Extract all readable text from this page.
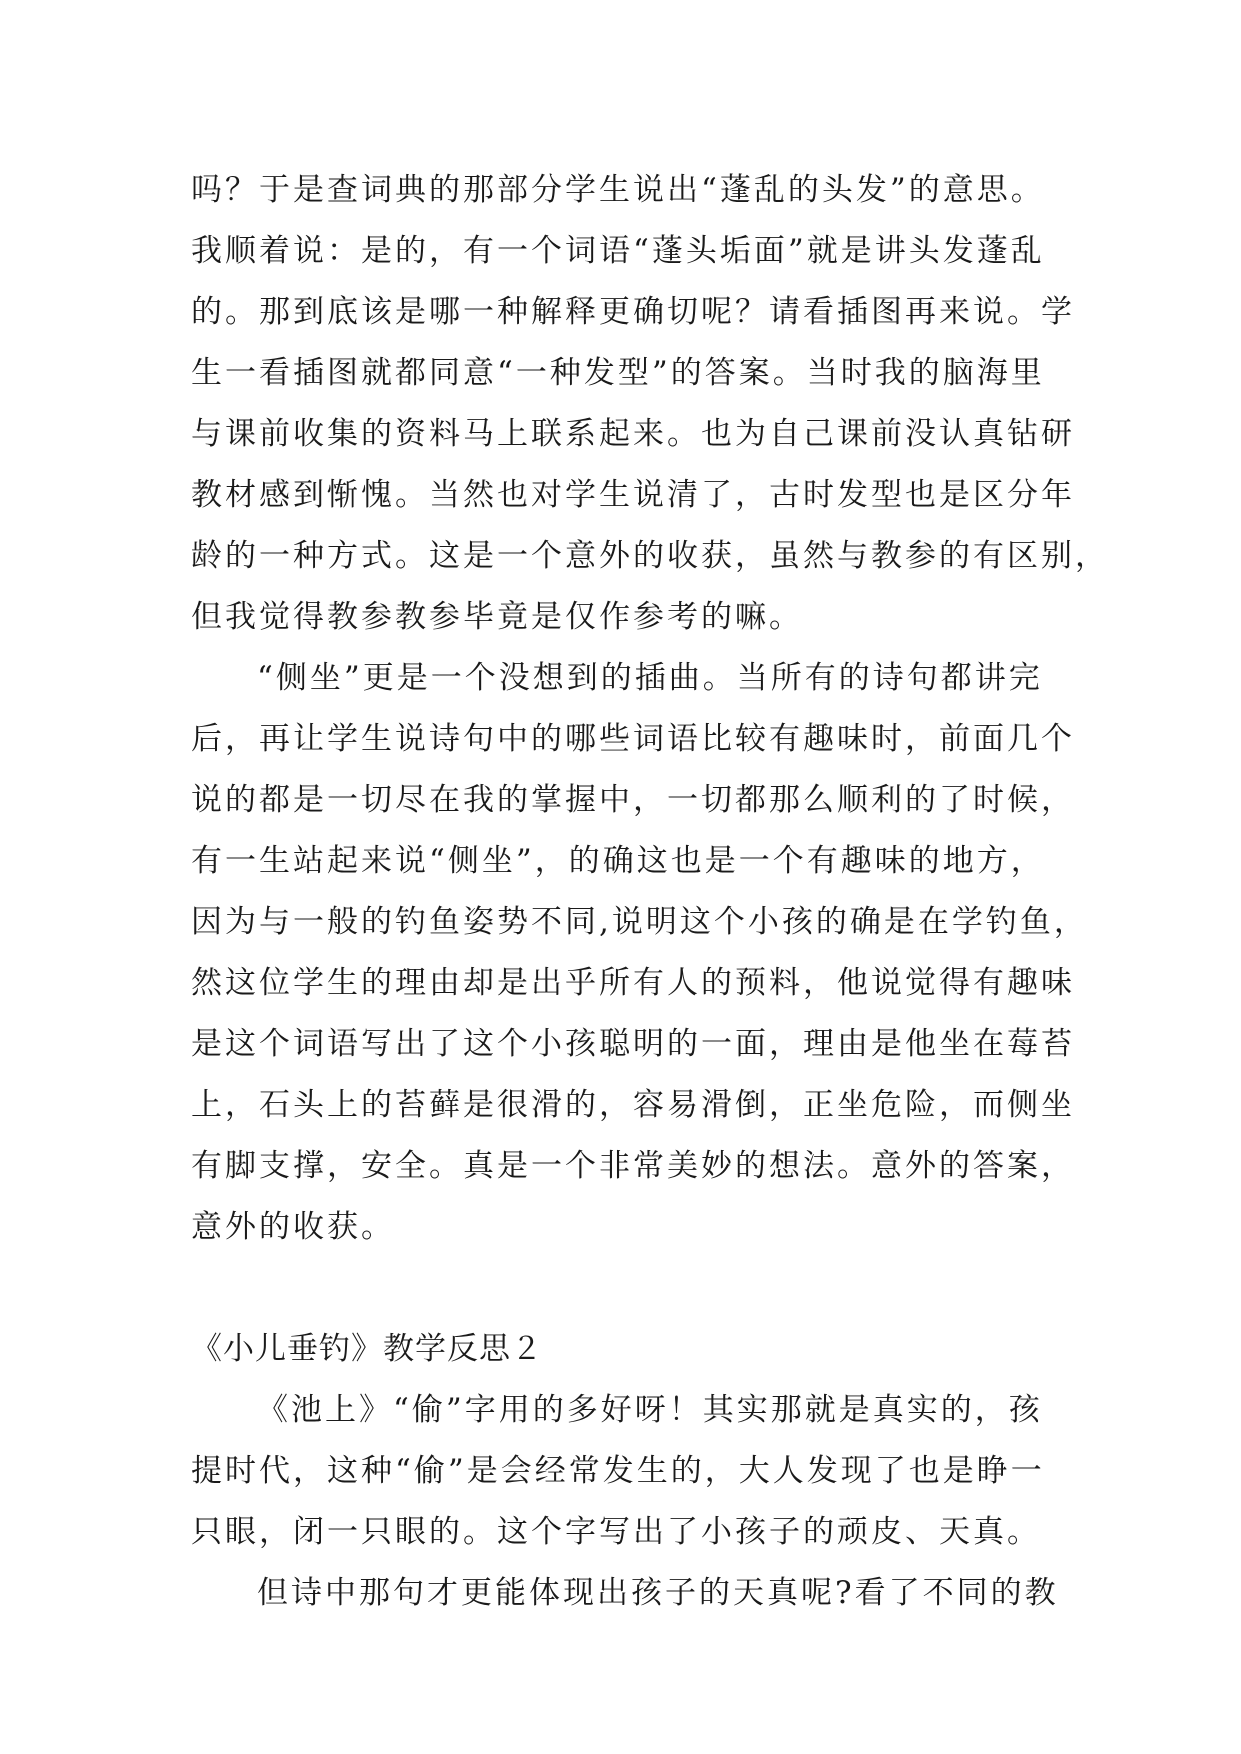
吗？于是查词典的那部分学生说出“蓬乱的头发”的意思。
我顺着说：是的，有一个词语“蓬头垢面”就是讲头发蓬乱
的。那到底该是哪一种解释更确切呢？请看插图再来说。学
生一看插图就都同意“一种发型”的答案。当时我的脑海里
与课前收集的资料马上联系起来。也为自己课前没认真钻研
教材感到惭愧。当然也对学生说清了，古时发型也是区分年
龄的一种方式。这是一个意外的收获，虽然与教参的有区别，
但我觉得教参教参毕竟是仅作参考的嘛。
“侧坐”更是一个没想到的插曲。当所有的诗句都讲完
后，再让学生说诗句中的哪些词语比较有趣味时，前面几个
说的都是一切尽在我的掌握中，一切都那么顺利的了时候，
有一生站起来说“侧坐”，的确这也是一个有趣味的地方，
因为与一般的钓鱼姿势不同,说明这个小孩的确是在学钓鱼，
然这位学生的理由却是出乎所有人的预料，他说觉得有趣味
是这个词语写出了这个小孩聪明的一面，理由是他坐在莓苔
上，石头上的苔藓是很滑的，容易滑倒，正坐危险，而侧坐
有脚支撑，安全。真是一个非常美妙的想法。意外的答案，
意外的收获。
《小儿垂钓》教学反思２
《池上》“偷”字用的多好呀！其实那就是真实的，孩
提时代，这种“偷”是会经常发生的，大人发现了也是睁一
只眼，闭一只眼的。这个字写出了小孩子的顽皮、天真。
但诗中那句才更能体现出孩子的天真呢?看了不同的教
